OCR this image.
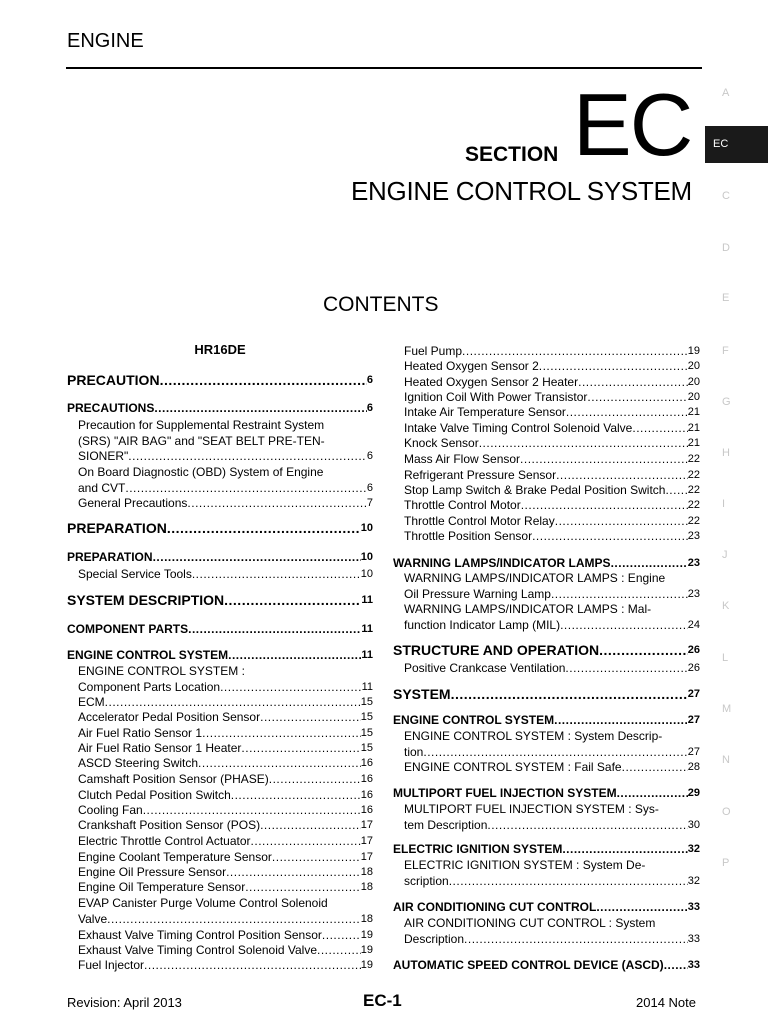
ENGINE
SECTION EC
ENGINE CONTROL SYSTEM
CONTENTS
A
EC
C
D
E
F
G
H
I
J
K
L
M
N
O
P
HR16DE
PRECAUTION .....	6
PRECAUTIONS .....	6
Precaution for Supplemental Restraint System
(SRS) "AIR BAG" and "SEAT BELT PRE-TEN-
SIONER" .....	6
On Board Diagnostic (OBD) System of Engine
and CVT .....	6
General Precautions .....	7
PREPARATION .....	10
PREPARATION .....	10
Special Service Tools .....	10
SYSTEM DESCRIPTION .....	11
COMPONENT PARTS .....	11
ENGINE CONTROL SYSTEM .....	11
ENGINE CONTROL SYSTEM :
Component Parts Location .....	11
ECM .....	15
Accelerator Pedal Position Sensor .....	15
Air Fuel Ratio Sensor 1 .....	15
Air Fuel Ratio Sensor 1 Heater .....	15
ASCD Steering Switch .....	16
Camshaft Position Sensor (PHASE) .....	16
Clutch Pedal Position Switch .....	16
Cooling Fan .....	16
Crankshaft Position Sensor (POS) .....	17
Electric Throttle Control Actuator .....	17
Engine Coolant Temperature Sensor .....	17
Engine Oil Pressure Sensor .....	18
Engine Oil Temperature Sensor .....	18
EVAP Canister Purge Volume Control Solenoid
Valve .....	18
Exhaust Valve Timing Control Position Sensor .....	19
Exhaust Valve Timing Control Solenoid Valve .....	19
Fuel Injector .....	19
Fuel Pump .....	19
Heated Oxygen Sensor 2 .....	20
Heated Oxygen Sensor 2 Heater .....	20
Ignition Coil With Power Transistor .....	20
Intake Air Temperature Sensor .....	21
Intake Valve Timing Control Solenoid Valve .....	21
Knock Sensor .....	21
Mass Air Flow Sensor .....	22
Refrigerant Pressure Sensor .....	22
Stop Lamp Switch & Brake Pedal Position Switch ..... 22
Throttle Control Motor .....	22
Throttle Control Motor Relay .....	22
Throttle Position Sensor .....	23
WARNING LAMPS/INDICATOR LAMPS .....	23
WARNING LAMPS/INDICATOR LAMPS : Engine
Oil Pressure Warning Lamp .....	23
WARNING LAMPS/INDICATOR LAMPS : Mal-
function Indicator Lamp (MIL) .....	24
STRUCTURE AND OPERATION .....	26
Positive Crankcase Ventilation .....	26
SYSTEM .....	27
ENGINE CONTROL SYSTEM .....	27
ENGINE CONTROL SYSTEM : System Descrip-
tion .....	27
ENGINE CONTROL SYSTEM : Fail Safe .....	28
MULTIPORT FUEL INJECTION SYSTEM .....	29
MULTIPORT FUEL INJECTION SYSTEM : Sys-
tem Description .....	30
ELECTRIC IGNITION SYSTEM .....	32
ELECTRIC IGNITION SYSTEM : System De-
scription .....	32
AIR CONDITIONING CUT CONTROL .....	33
AIR CONDITIONING CUT CONTROL : System
Description .....	33
AUTOMATIC SPEED CONTROL DEVICE (ASCD) ..... 33
Revision: April 2013	EC-1	2014 Note
